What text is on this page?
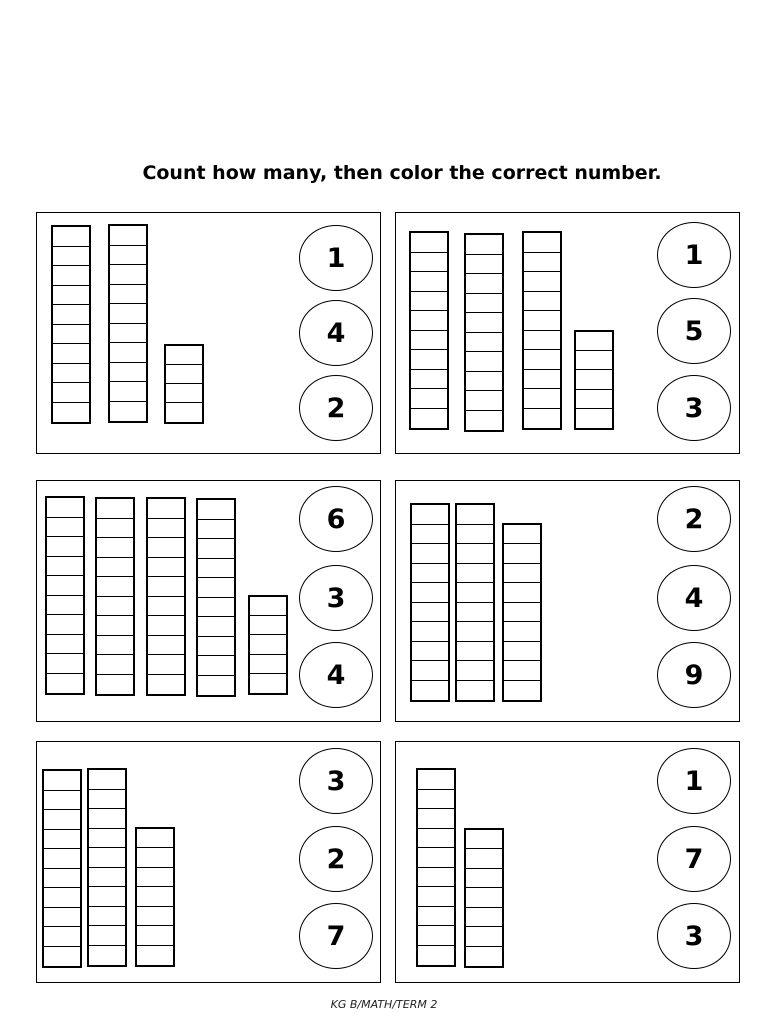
Count how many, then color the correct number.
1
4
2
1
5
3
6
3
4
2
4
9
3
2
7
1
7
3
KG B/MATH/TERM 2
